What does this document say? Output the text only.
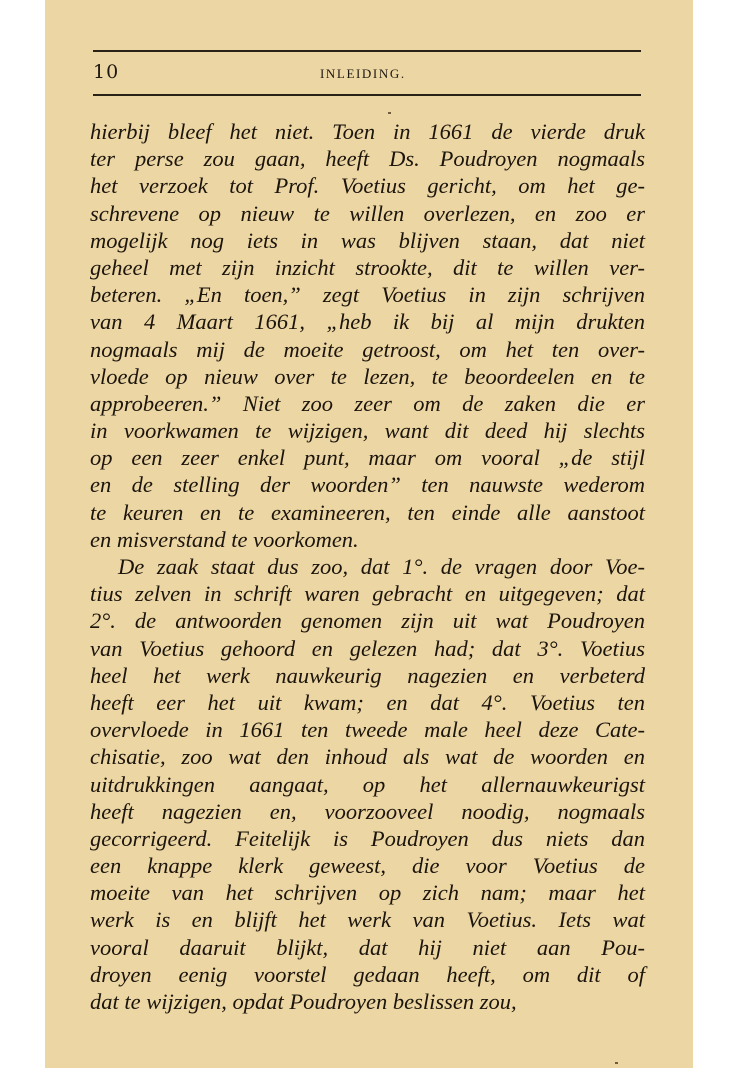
10	INLEIDING.
hierbij bleef het niet. Toen in 1661 de vierde druk
ter perse zou gaan, heeft Ds. Poudroyen nogmaals
het verzoek tot Prof. Voetius gericht, om het ge-
schrevene op nieuw te willen overlezen, en zoo er
mogelijk nog iets in was blijven staan, dat niet
geheel met zijn inzicht strookte, dit te willen ver-
beteren. „En toen,” zegt Voetius in zijn schrijven
van 4 Maart 1661, „heb ik bij al mijn drukten
nogmaals mij de moeite getroost, om het ten over-
vloede op nieuw over te lezen, te beoordeelen en te
approbeeren.” Niet zoo zeer om de zaken die er
in voorkwamen te wijzigen, want dit deed hij slechts
op een zeer enkel punt, maar om vooral „de stijl
en de stelling der woorden” ten nauwste wederom
te keuren en te examineeren, ten einde alle aanstoot
en misverstand te voorkomen.
De zaak staat dus zoo, dat 1°. de vragen door Voe-
tius zelven in schrift waren gebracht en uitgegeven; dat
2°. de antwoorden genomen zijn uit wat Poudroyen
van Voetius gehoord en gelezen had; dat 3°. Voetius
heel het werk nauwkeurig nagezien en verbeterd
heeft eer het uit kwam; en dat 4°. Voetius ten
overvloede in 1661 ten tweede male heel deze Cate-
chisatie, zoo wat den inhoud als wat de woorden en
uitdrukkingen aangaat, op het allernauwkeurigst
heeft nagezien en, voorzooveel noodig, nogmaals
gecorrigeerd. Feitelijk is Poudroyen dus niets dan
een knappe klerk geweest, die voor Voetius de
moeite van het schrijven op zich nam; maar het
werk is en blijft het werk van Voetius. Iets wat
vooral daaruit blijkt, dat hij niet aan Pou-
droyen eenig voorstel gedaan heeft, om dit of
dat te wijzigen, opdat Poudroyen beslissen zou,
